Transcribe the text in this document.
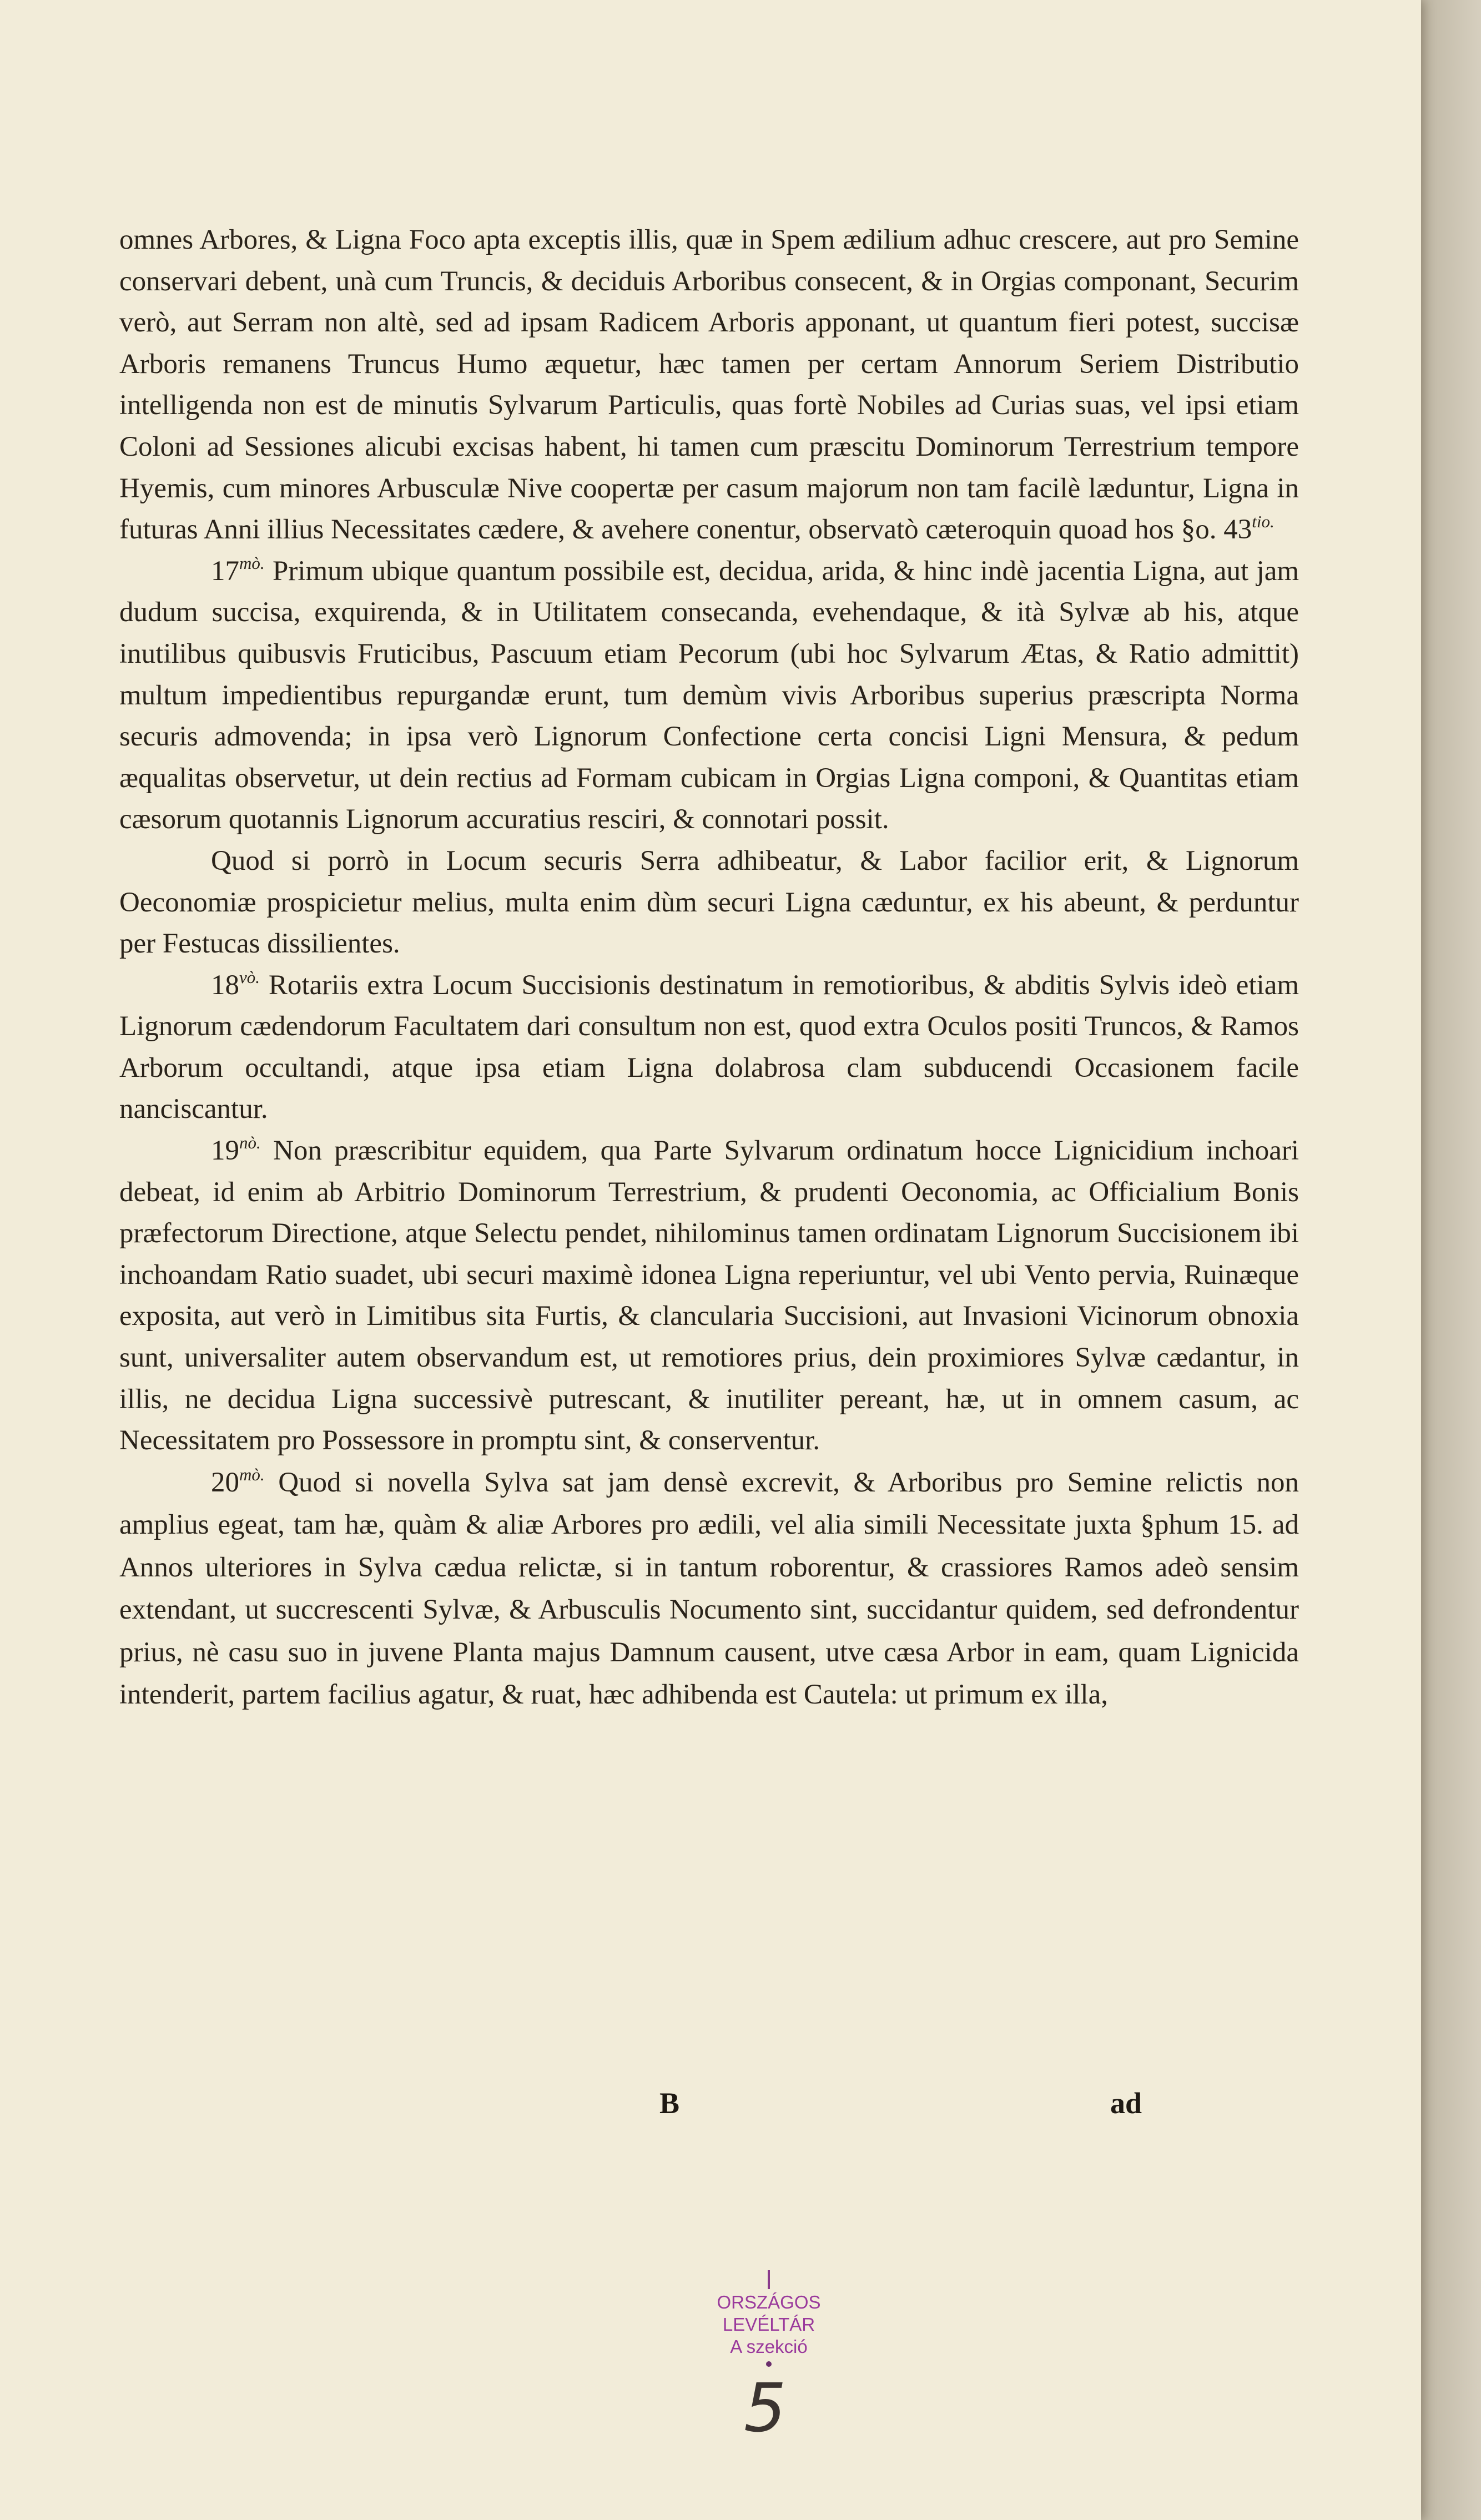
omnes Arbores, & Ligna Foco apta exceptis illis, quæ in Spem ædilium adhuc crescere, aut pro Semine conservari debent, unà cum Truncis, & deciduis Arboribus consecent, & in Orgias componant, Securim verò, aut Serram non altè, sed ad ipsam Radicem Arboris apponant, ut quantum fieri potest, succisæ Arboris remanens Truncus Humo æquetur, hæc tamen per certam Annorum Seriem Distributio intelligenda non est de minutis Sylvarum Particulis, quas fortè Nobiles ad Curias suas, vel ipsi etiam Coloni ad Sessiones alicubi excisas habent, hi tamen cum præscitu Dominorum Terrestrium tempore Hyemis, cum minores Arbusculæ Nive coopertæ per casum majorum non tam facilè læduntur, Ligna in futuras Anni illius Necessitates cædere, & avehere conentur, observatò cæteroquin quoad hos §o. $43^{tio.}$

$17^{mò.}$ Primum ubique quantum possibile est, decidua, arida, & hinc indè jacentia Ligna, aut jam dudum succisa, exquirenda, & in Utilitatem consecanda, evehendaque, & ità Sylvæ ab his, atque inutilibus quibusvis Fruticibus, Pascuum etiam Pecorum (ubi hoc Sylvarum Ætas, & Ratio admittit) multum impedientibus repurgandæ erunt, tum demùm vivis Arboribus superius præscripta Norma securis admovenda; in ipsa verò Lignorum Confectione certa concisi Ligni Mensura, & pedum æqualitas observetur, ut dein rectius ad Formam cubicam in Orgias Ligna componi, & Quantitas etiam cæsorum quotannis Lignorum accuratius resciri, & connotari possit.

Quod si porrò in Locum securis Serra adhibeatur, & Labor facilior erit, & Lignorum Oeconomiæ prospicietur melius, multa enim dùm securi Ligna cæduntur, ex his abeunt, & perduntur per Festucas dissilientes.

$18^{vò.}$ Rotariis extra Locum Succisionis destinatum in remotioribus, & abditis Sylvis ideò etiam Lignorum cædendorum Facultatem dari consultum non est, quod extra Oculos positi Truncos, & Ramos Arborum occultandi, atque ipsa etiam Ligna dolabrosa clam subducendi Occasionem facile nanciscantur.

$19^{nò.}$ Non præscribitur equidem, qua Parte Sylvarum ordinatum hocce Lignicidium inchoari debeat, id enim ab Arbitrio Dominorum Terrestrium, & prudenti Oeconomia, ac Officialium Bonis præfectorum Directione, atque Selectu pendet, nihilominus tamen ordinatam Lignorum Succisionem ibi inchoandam Ratio suadet, ubi securi maximè idonea Ligna reperiuntur, vel ubi Vento pervia, Ruinæque exposita, aut verò in Limitibus sita Furtis, & clancularia Succisioni, aut Invasioni Vicinorum obnoxia sunt, universaliter autem observandum est, ut remotiores prius, dein proximiores Sylvæ cædantur, in illis, ne decidua Ligna successivè putrescant, & inutiliter pereant, hæ, ut in omnem casum, ac Necessitatem pro Possessore in promptu sint, & conserventur.

$20^{mò.}$ Quod si novella Sylva sat jam densè excrevit, & Arboribus pro Semine relictis non amplius egeat, tam hæ, quàm & aliæ Arbores pro ædili, vel alia simili Necessitate juxta §phum 15. ad Annos ulteriores in Sylva cædua relictæ, si in tantum roborentur, & crassiores Ramos adeò sensim extendant, ut succrescenti Sylvæ, & Arbusculis Nocumento sint, succidantur quidem, sed defrondentur prius, nè casu suo in juvene Planta majus Damnum causent, utve cæsa Arbor in eam, quam Lignicida intenderit, partem facilius agatur, & ruat, hæc adhibenda est Cautela: ut primum ex illa,

B	ad
ORSZÁGOS LEVÉLTÁR
A szekció
5
